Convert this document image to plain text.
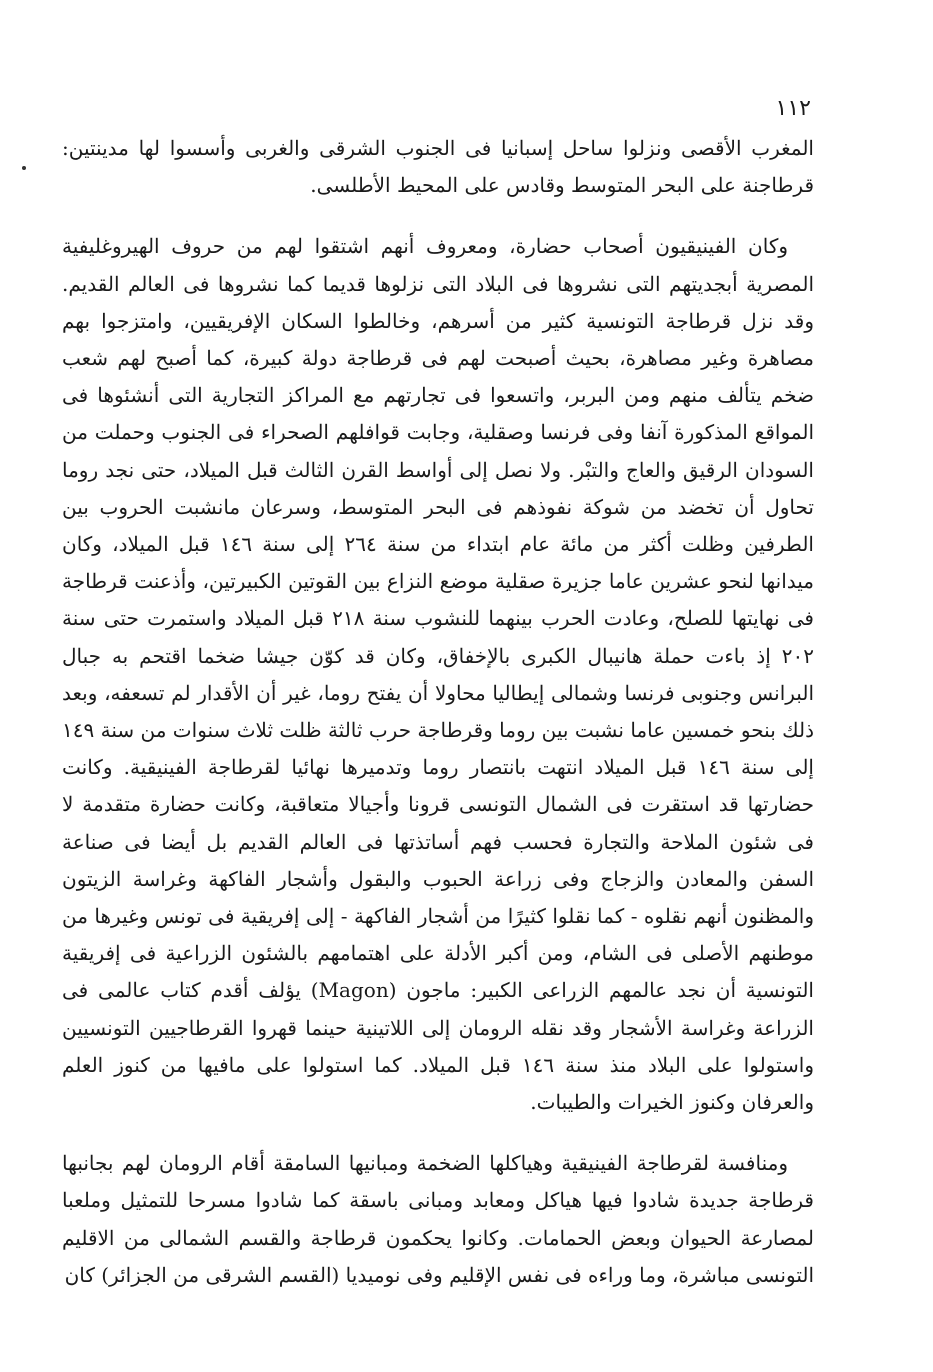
١١٢

المغرب الأقصى ونزلوا ساحل إسبانيا فى الجنوب الشرقى والغربى وأسسوا لها مدينتين: قرطاجنة على البحر المتوسط وقادس على المحيط الأطلسى.

وكان الفينيقيون أصحاب حضارة، ومعروف أنهم اشتقوا لهم من حروف الهيروغليفية المصرية أبجديتهم التى نشروها فى البلاد التى نزلوها قديما كما نشروها فى العالم القديم. وقد نزل قرطاجة التونسية كثير من أسرهم، وخالطوا السكان الإفريقيين، وامتزجوا بهم مصاهرة وغير مصاهرة، بحيث أصبحت لهم فى قرطاجة دولة كبيرة، كما أصبح لهم شعب ضخم يتألف منهم ومن البربر، واتسعوا فى تجارتهم مع المراكز التجارية التى أنشئوها فى المواقع المذكورة آنفا وفى فرنسا وصقلية، وجابت قوافلهم الصحراء فى الجنوب وحملت من السودان الرقيق والعاج والتبْر. ولا نصل إلى أواسط القرن الثالث قبل الميلاد، حتى نجد روما تحاول أن تخضد من شوكة نفوذهم فى البحر المتوسط، وسرعان مانشبت الحروب بين الطرفين وظلت أكثر من مائة عام ابتداء من سنة ٢٦٤ إلى سنة ١٤٦ قبل الميلاد، وكان ميدانها لنحو عشرين عاما جزيرة صقلية موضع النزاع بين القوتين الكبيرتين، وأذعنت قرطاجة فى نهايتها للصلح، وعادت الحرب بينهما للنشوب سنة ٢١٨ قبل الميلاد واستمرت حتى سنة ٢٠٢ إذ باءت حملة هانيبال الكبرى بالإخفاق، وكان قد كوّن جيشا ضخما اقتحم به جبال البرانس وجنوبى فرنسا وشمالى إيطاليا محاولا أن يفتح روما، غير أن الأقدار لم تسعفه، وبعد ذلك بنحو خمسين عاما نشبت بين روما وقرطاجة حرب ثالثة ظلت ثلاث سنوات من سنة ١٤٩ إلى سنة ١٤٦ قبل الميلاد انتهت بانتصار روما وتدميرها نهائيا لقرطاجة الفينيقية. وكانت حضارتها قد استقرت فى الشمال التونسى قرونا وأجيالا متعاقبة، وكانت حضارة متقدمة لا فى شئون الملاحة والتجارة فحسب فهم أساتذتها فى العالم القديم بل أيضا فى صناعة السفن والمعادن والزجاج وفى زراعة الحبوب والبقول وأشجار الفاكهة وغراسة الزيتون والمظنون أنهم نقلوه - كما نقلوا كثيرًا من أشجار الفاكهة - إلى إفريقية فى تونس وغيرها من موطنهم الأصلى فى الشام، ومن أكبر الأدلة على اهتمامهم بالشئون الزراعية فى إفريقية التونسية أن نجد عالمهم الزراعى الكبير: ماجون (Magon) يؤلف أقدم كتاب عالمى فى الزراعة وغراسة الأشجار وقد نقله الرومان إلى اللاتينية حينما قهروا القرطاجيين التونسيين واستولوا على البلاد منذ سنة ١٤٦ قبل الميلاد. كما استولوا على مافيها من كنوز العلم والعرفان وكنوز الخيرات والطيبات.

ومنافسة لقرطاجة الفينيقية وهياكلها الضخمة ومبانيها السامقة أقام الرومان لهم بجانبها قرطاجة جديدة شادوا فيها هياكل ومعابد ومبانى باسقة كما شادوا مسرحا للتمثيل وملعبا لمصارعة الحيوان وبعض الحمامات. وكانوا يحكمون قرطاجة والقسم الشمالى من الاقليم التونسى مباشرة، وما وراءه فى نفس الإقليم وفى نوميديا (القسم الشرقى من الجزائر) كان
